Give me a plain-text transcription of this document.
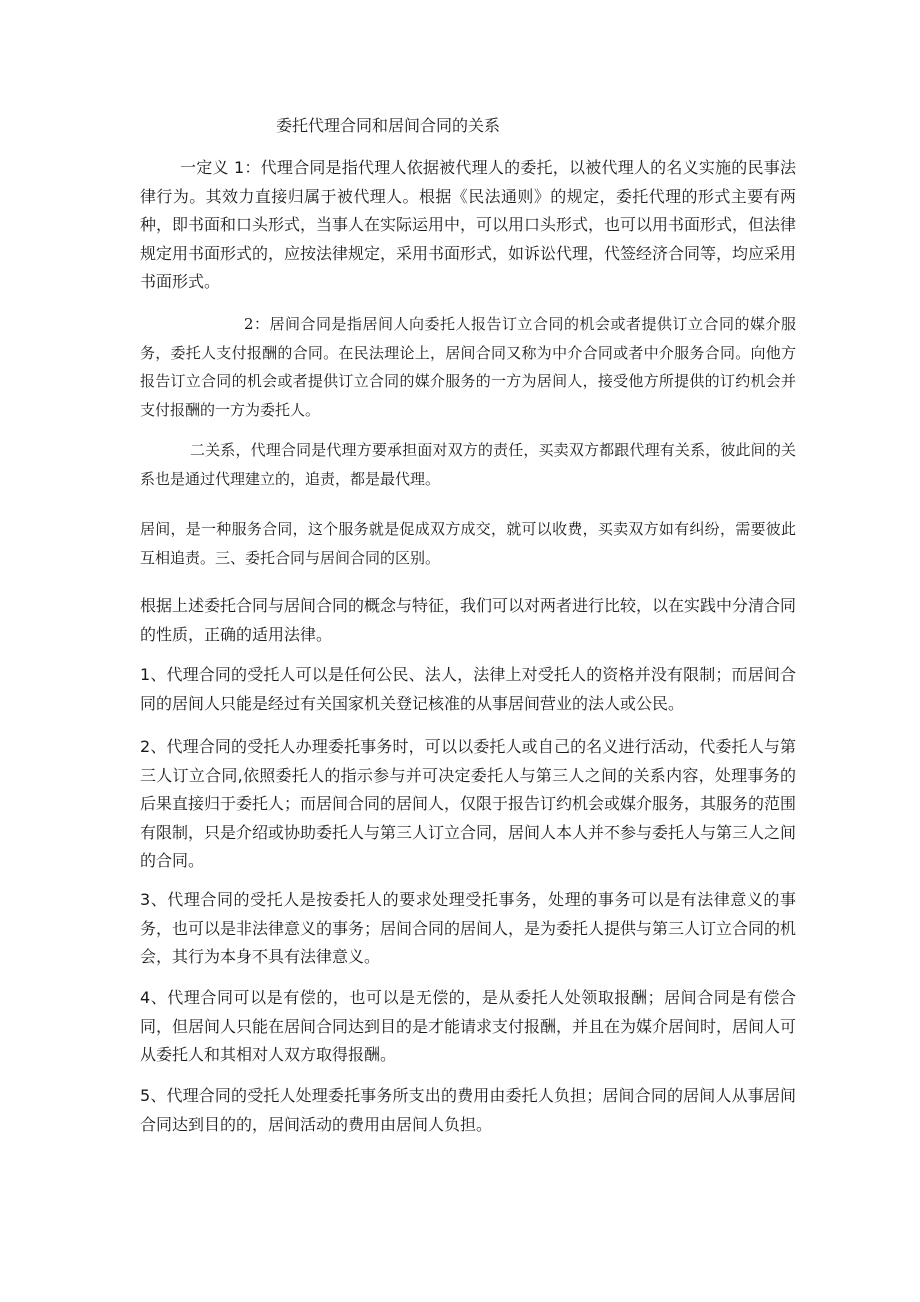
委托代理合同和居间合同的关系

一定义 1：代理合同是指代理人依据被代理人的委托，以被代理人的名义实施的民事法律行为。其效力直接归属于被代理人。根据《民法通则》的规定，委托代理的形式主要有两种，即书面和口头形式，当事人在实际运用中，可以用口头形式，也可以用书面形式，但法律规定用书面形式的，应按法律规定，采用书面形式，如诉讼代理，代签经济合同等，均应采用书面形式。

2：居间合同是指居间人向委托人报告订立合同的机会或者提供订立合同的媒介服务，委托人支付报酬的合同。在民法理论上，居间合同又称为中介合同或者中介服务合同。向他方报告订立合同的机会或者提供订立合同的媒介服务的一方为居间人，接受他方所提供的订约机会并支付报酬的一方为委托人。

二关系，代理合同是代理方要承担面对双方的责任，买卖双方都跟代理有关系，彼此间的关系也是通过代理建立的，追责，都是最代理。

居间，是一种服务合同，这个服务就是促成双方成交，就可以收费，买卖双方如有纠纷，需要彼此互相追责。三、委托合同与居间合同的区别。

根据上述委托合同与居间合同的概念与特征，我们可以对两者进行比较，以在实践中分清合同的性质，正确的适用法律。

1、代理合同的受托人可以是任何公民、法人，法律上对受托人的资格并没有限制；而居间合同的居间人只能是经过有关国家机关登记核准的从事居间营业的法人或公民。

2、代理合同的受托人办理委托事务时，可以以委托人或自己的名义进行活动，代委托人与第三人订立合同,依照委托人的指示参与并可决定委托人与第三人之间的关系内容，处理事务的后果直接归于委托人；而居间合同的居间人，仅限于报告订约机会或媒介服务，其服务的范围有限制，只是介绍或协助委托人与第三人订立合同，居间人本人并不参与委托人与第三人之间的合同。

3、代理合同的受托人是按委托人的要求处理受托事务，处理的事务可以是有法律意义的事务，也可以是非法律意义的事务；居间合同的居间人，是为委托人提供与第三人订立合同的机会，其行为本身不具有法律意义。

4、代理合同可以是有偿的，也可以是无偿的，是从委托人处领取报酬；居间合同是有偿合同，但居间人只能在居间合同达到目的是才能请求支付报酬，并且在为媒介居间时，居间人可从委托人和其相对人双方取得报酬。

5、代理合同的受托人处理委托事务所支出的费用由委托人负担；居间合同的居间人从事居间合同达到目的的，居间活动的费用由居间人负担。
